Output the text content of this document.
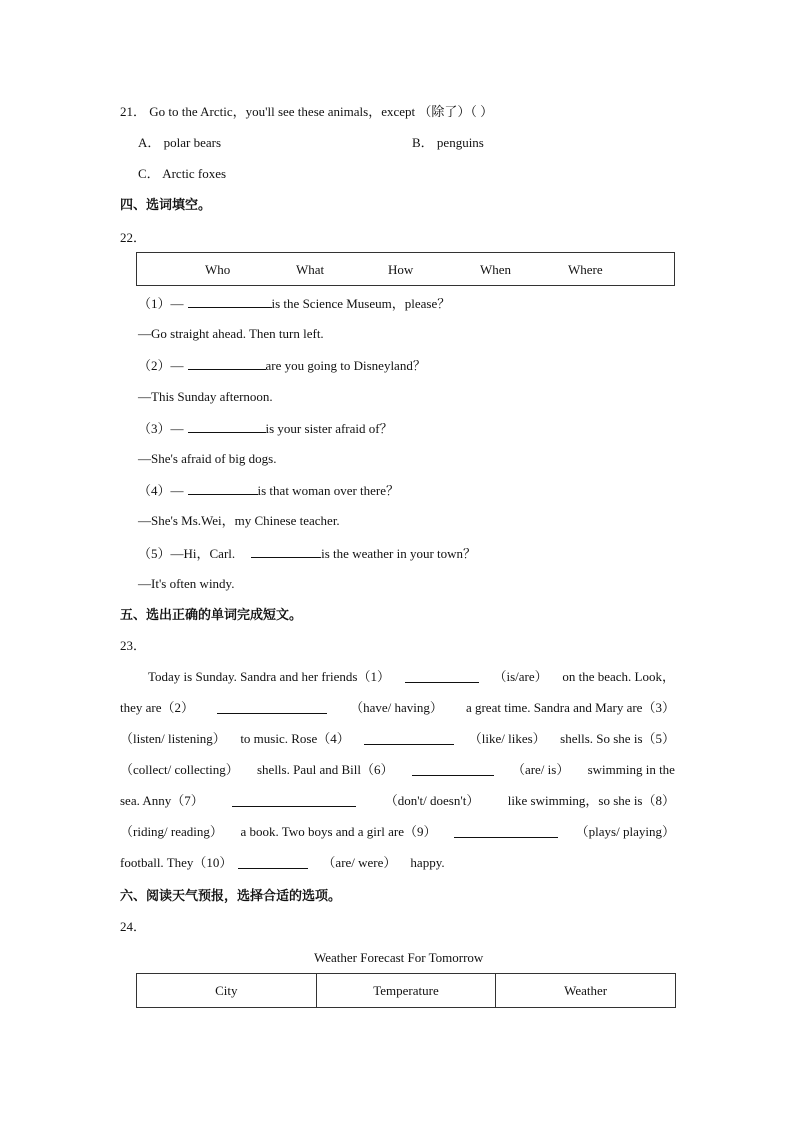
21． Go to the Arctic，you'll see these animals，except （除了）（ ）
A． polar bears	B． penguins
C． Arctic foxes
四、选词填空。
22．
Who	What	How	When	Where
（1）—	is the Science Museum，please？
—Go straight ahead. Then turn left.
（2）—	are you going to Disneyland？
—This Sunday afternoon.
（3）—	is your sister afraid of？
—She's afraid of big dogs.
（4）—	is that woman over there？
—She's Ms.Wei，my Chinese teacher.
（5）—Hi，Carl.	is the weather in your town？
—It's often windy.
五、选出正确的单词完成短文。
23．
Today is Sunday. Sandra and her friends（1）	（is/are） on the beach. Look，
they are（2）	（have/ having） a great time. Sandra and Mary are（3）
（listen/ listening） to music. Rose（4）	（like/ likes） shells. So she is（5）
（collect/ collecting） shells. Paul and Bill（6）	（are/ is） swimming in the
sea. Anny（7）	（don't/ doesn't） like swimming，so she is（8）
（riding/ reading） a book. Two boys and a girl are（9）	（plays/ playing）
football. They（10）	（are/ were） happy.
六、阅读天气预报，选择合适的选项。
24．
Weather Forecast For Tomorrow
City	Temperature	Weather
